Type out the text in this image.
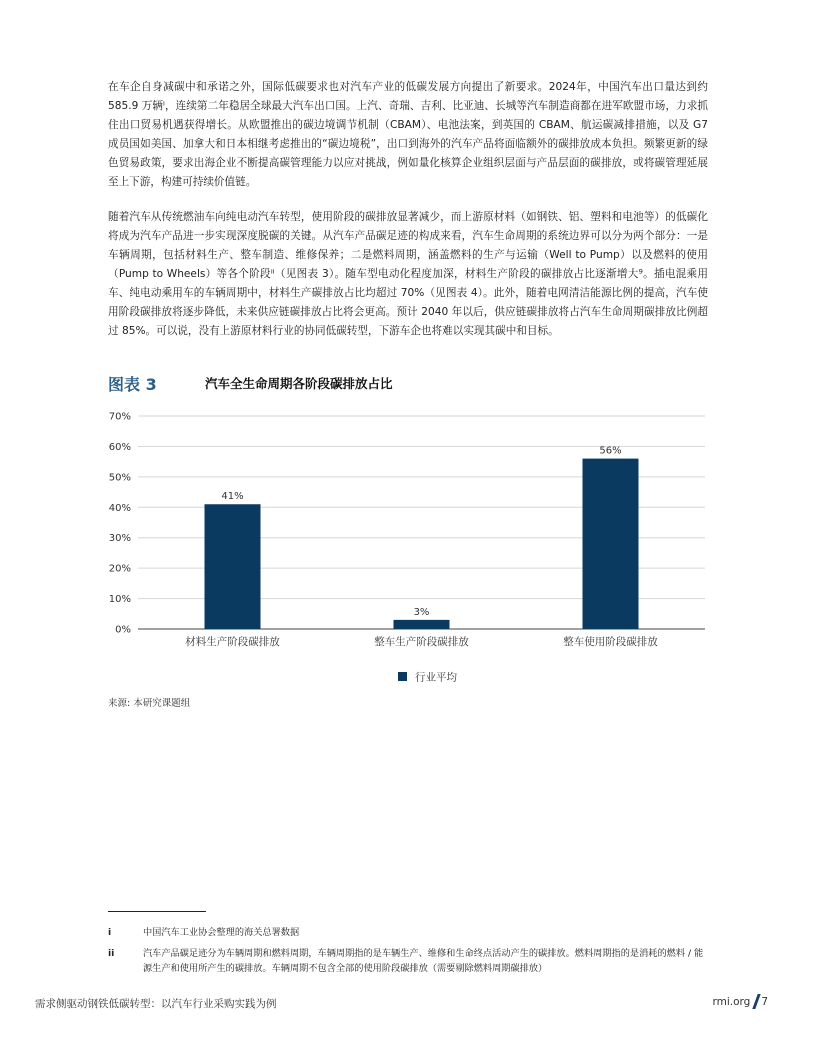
在车企自身减碳中和承诺之外，国际低碳要求也对汽车产业的低碳发展方向提出了新要求。2024年，中国汽车出口量达到约 585.9 万辆ⁱ，连续第二年稳居全球最大汽车出口国。上汽、奇瑞、吉利、比亚迪、长城等汽车制造商都在进军欧盟市场，力求抓住出口贸易机遇获得增长。从欧盟推出的碳边境调节机制（CBAM）、电池法案，到英国的 CBAM、航运碳减排措施，以及 G7 成员国如美国、加拿大和日本相继考虑推出的“碳边境税”，出口到海外的汽车产品将面临额外的碳排放成本负担。频繁更新的绿色贸易政策，要求出海企业不断提高碳管理能力以应对挑战，例如量化核算企业组织层面与产品层面的碳排放，或将碳管理延展至上下游，构建可持续价值链。

随着汽车从传统燃油车向纯电动汽车转型，使用阶段的碳排放显著减少，而上游原材料（如钢铁、铝、塑料和电池等）的低碳化将成为汽车产品进一步实现深度脱碳的关键。从汽车产品碳足迹的构成来看，汽车生命周期的系统边界可以分为两个部分：一是车辆周期，包括材料生产、整车制造、维修保养；二是燃料周期，涵盖燃料的生产与运输（Well to Pump）以及燃料的使用（Pump to Wheels）等各个阶段ⁱⁱ（见图表 3）。随车型电动化程度加深，材料生产阶段的碳排放占比逐渐增大⁹。插电混乘用车、纯电动乘用车的车辆周期中，材料生产碳排放占比均超过 70%（见图表 4）。此外，随着电网清洁能源比例的提高，汽车使用阶段碳排放将逐步降低，未来供应链碳排放占比将会更高。预计 2040 年以后，供应链碳排放将占汽车生命周期碳排放比例超过 85%。可以说，没有上游原材料行业的协同低碳转型，下游车企也将难以实现其碳中和目标。

图表 3	汽车全生命周期各阶段碳排放占比
0%
10%
20%
30%
40%
50%
60%
70%
41%
材料生产阶段碳排放
3%
整车生产阶段碳排放
56%
整车使用阶段碳排放
行业平均
来源: 本研究课题组
i	中国汽车工业协会整理的海关总署数据
ii	汽车产品碳足迹分为车辆周期和燃料周期，车辆周期指的是车辆生产、维修和生命终点活动产生的碳排放。燃料周期指的是消耗的燃料 / 能源生产和使用所产生的碳排放。车辆周期不包含全部的使用阶段碳排放（需要剔除燃料周期碳排放）
需求侧驱动钢铁低碳转型：以汽车行业采购实践为例	rmi.org 7
